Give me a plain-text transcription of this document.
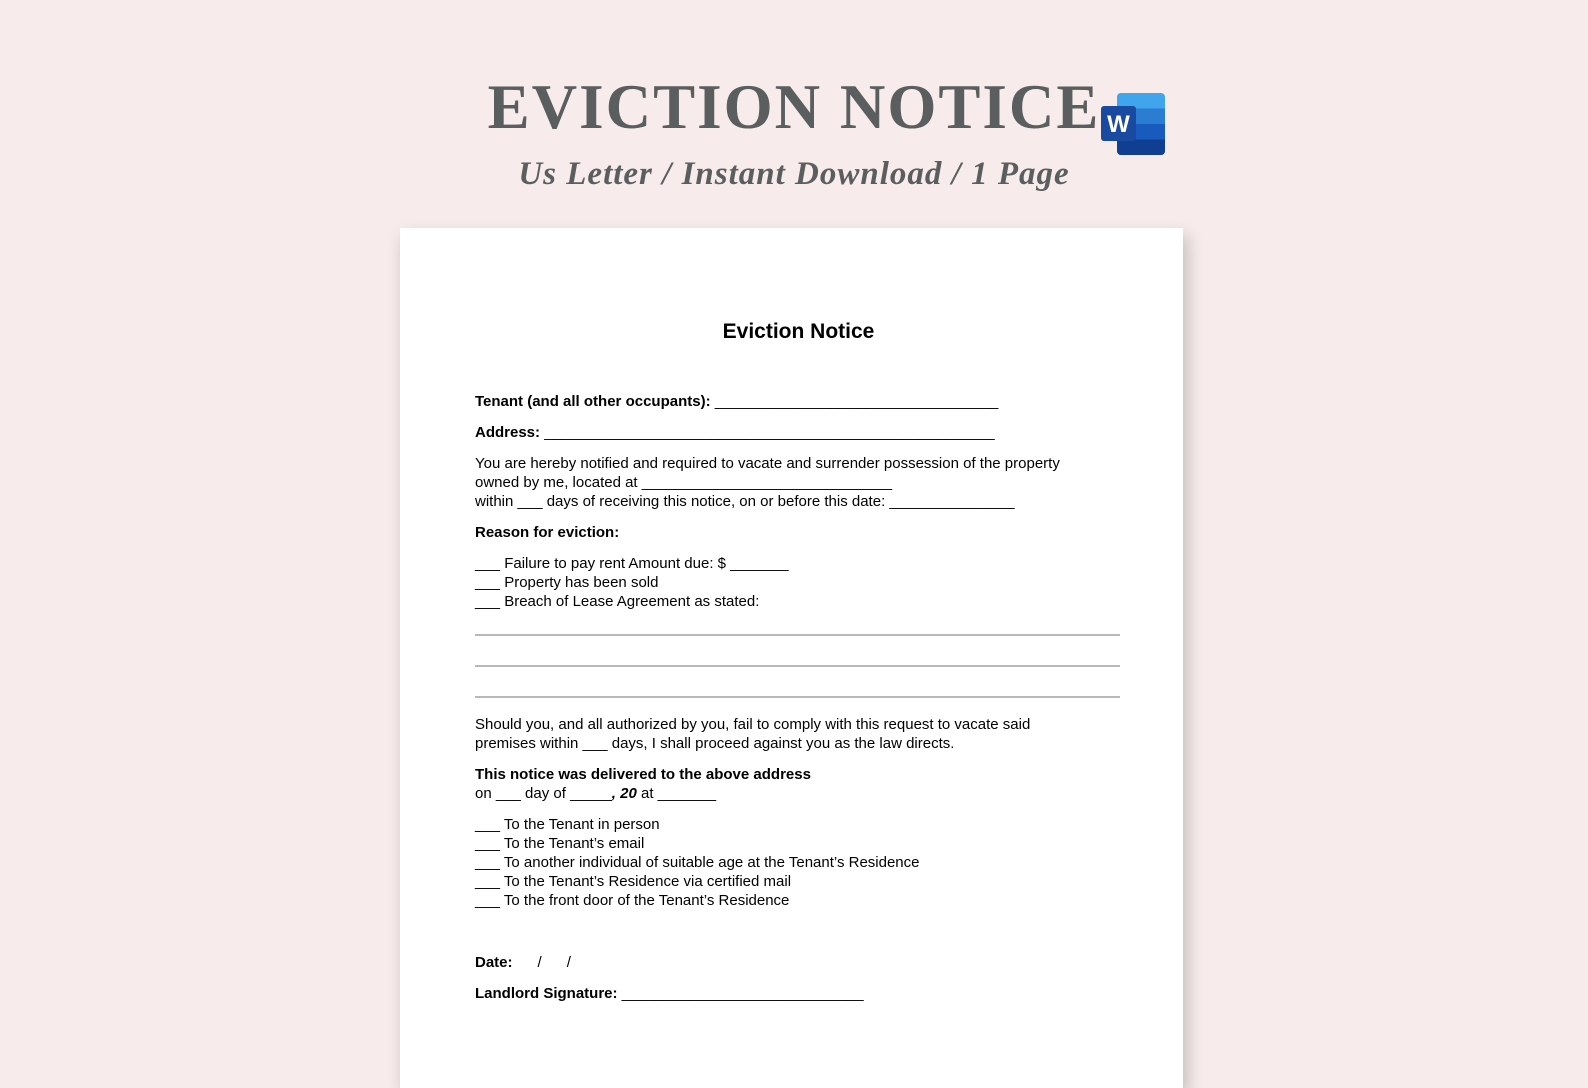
EVICTION NOTICE
Us Letter / Instant Download / 1 Page
W
Eviction Notice
Tenant (and all other occupants): __________________________________
Address: ______________________________________________________
You are hereby notified and required to vacate and surrender possession of the property
owned by me, located at ______________________________
within ___ days of receiving this notice, on or before this date: _______________
Reason for eviction:
___ Failure to pay rent Amount due: $ _______
___ Property has been sold
___ Breach of Lease Agreement as stated:
Should you, and all authorized by you, fail to comply with this request to vacate said
premises within ___ days, I shall proceed against you as the law directs.
This notice was delivered to the above address
on ___ day of _____, 20 at _______
___ To the Tenant in person
___ To the Tenant’s email
___ To another individual of suitable age at the Tenant’s Residence
___ To the Tenant’s Residence via certified mail
___ To the front door of the Tenant’s Residence
Date:      /      /
Landlord Signature: _____________________________
